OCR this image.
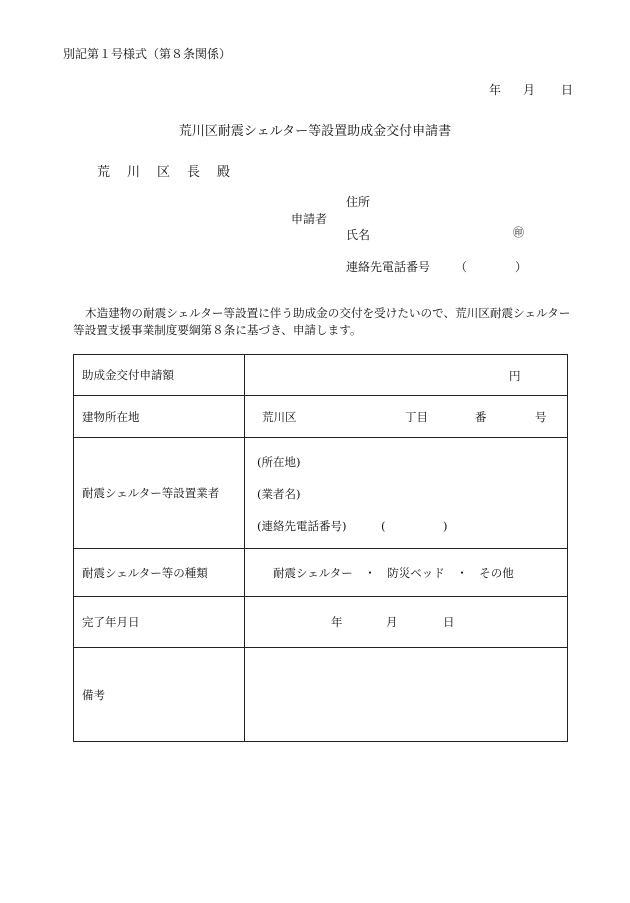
別記第１号様式（第８条関係）
年	月	日
荒川区耐震シェルター等設置助成金交付申請書
荒	川	区	長	殿
申請者
住所
氏名	㊞
連絡先電話番号 （　　　　）
木造建物の耐震シェルター等設置に伴う助成金の交付を受けたいので、荒川区耐震シェルター等設置支援事業制度要綱第８条に基づき、申請します。
助成金交付申請額	円

建物所在地	荒川区 丁目 番 号

耐震シェルター等設置業者	(所在地)
(業者名)
(連絡先電話番号) (　　　　　)

耐震シェルター等の種類	耐震シェルター　・　防災ベッド　・　その他

完了年月日	年 月 日

備考	
